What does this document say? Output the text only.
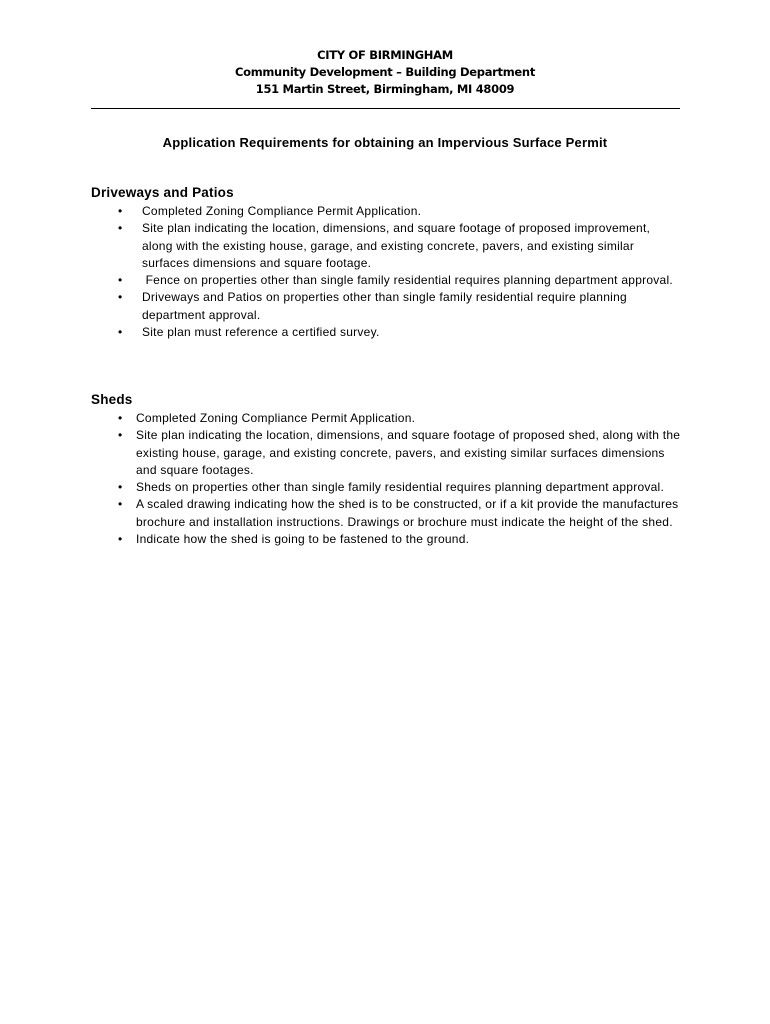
CITY OF BIRMINGHAM
Community Development – Building Department
151 Martin Street, Birmingham, MI 48009
Application Requirements for obtaining an Impervious Surface Permit
Driveways and Patios
• Completed Zoning Compliance Permit Application.
• Site plan indicating the location, dimensions, and square footage of proposed improvement, along with the existing house, garage, and existing concrete, pavers, and existing similar surfaces dimensions and square footage.
• Fence on properties other than single family residential requires planning department approval.
• Driveways and Patios on properties other than single family residential require planning department approval.
• Site plan must reference a certified survey.
Sheds
• Completed Zoning Compliance Permit Application.
• Site plan indicating the location, dimensions, and square footage of proposed shed, along with the existing house, garage, and existing concrete, pavers, and existing similar surfaces dimensions and square footages.
• Sheds on properties other than single family residential requires planning department approval.
• A scaled drawing indicating how the shed is to be constructed, or if a kit provide the manufactures brochure and installation instructions. Drawings or brochure must indicate the height of the shed.
• Indicate how the shed is going to be fastened to the ground.
